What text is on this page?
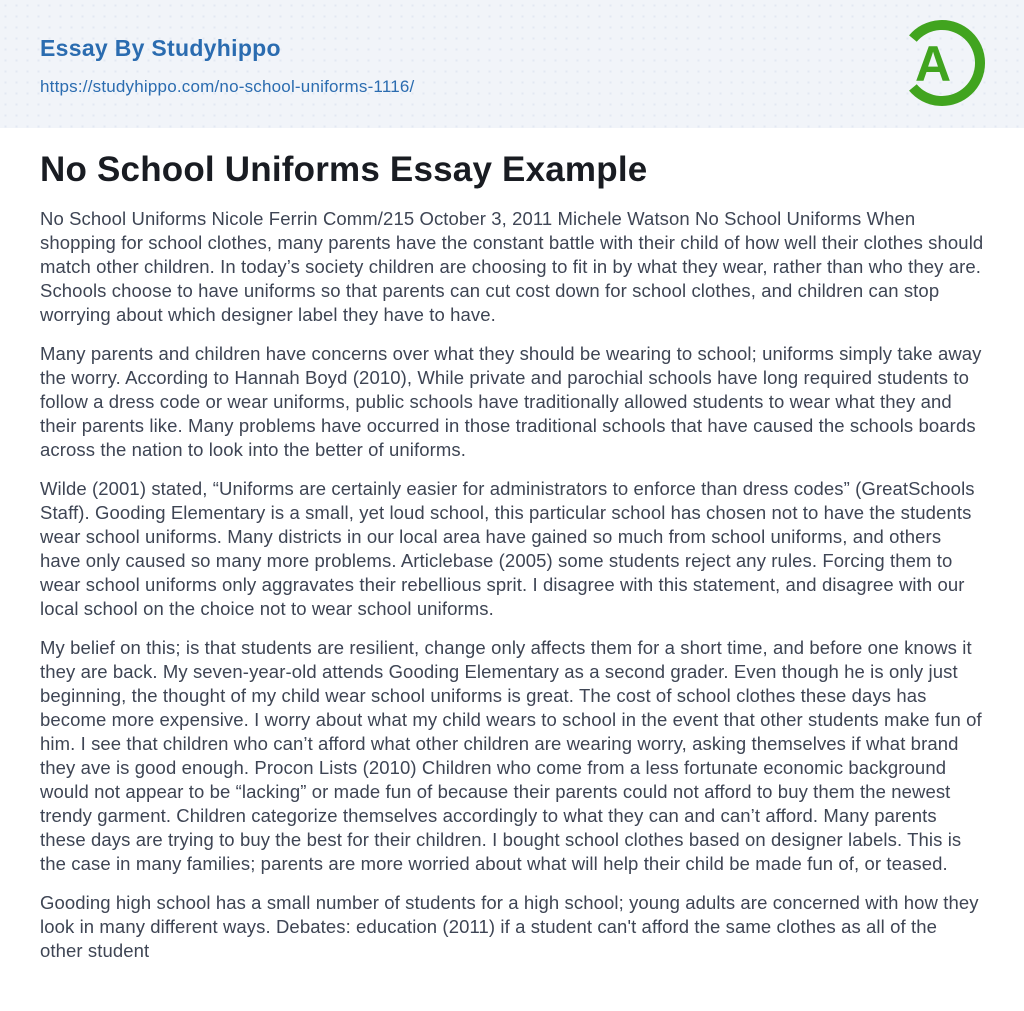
Essay By Studyhippo
https://studyhippo.com/no-school-uniforms-1116/	A
No School Uniforms Essay Example

No School Uniforms Nicole Ferrin Comm/215 October 3, 2011 Michele Watson No School Uniforms When shopping for school clothes, many parents have the constant battle with their child of how well their clothes should match other children. In today’s society children are choosing to fit in by what they wear, rather than who they are. Schools choose to have uniforms so that parents can cut cost down for school clothes, and children can stop worrying about which designer label they have to have.

Many parents and children have concerns over what they should be wearing to school; uniforms simply take away the worry. According to Hannah Boyd (2010), While private and parochial schools have long required students to follow a dress code or wear uniforms, public schools have traditionally allowed students to wear what they and their parents like. Many problems have occurred in those traditional schools that have caused the schools boards across the nation to look into the better of uniforms.

Wilde (2001) stated, “Uniforms are certainly easier for administrators to enforce than dress codes” (GreatSchools Staff). Gooding Elementary is a small, yet loud school, this particular school has chosen not to have the students wear school uniforms. Many districts in our local area have gained so much from school uniforms, and others have only caused so many more problems. Articlebase (2005) some students reject any rules. Forcing them to wear school uniforms only aggravates their rebellious sprit. I disagree with this statement, and disagree with our local school on the choice not to wear school uniforms.

My belief on this; is that students are resilient, change only affects them for a short time, and before one knows it they are back. My seven-year-old attends Gooding Elementary as a second grader. Even though he is only just beginning, the thought of my child wear school uniforms is great. The cost of school clothes these days has become more expensive. I worry about what my child wears to school in the event that other students make fun of him. I see that children who can’t afford what other children are wearing worry, asking themselves if what brand they ave is good enough. Procon Lists (2010) Children who come from a less fortunate economic background would not appear to be “lacking” or made fun of because their parents could not afford to buy them the newest trendy garment. Children categorize themselves accordingly to what they can and can’t afford. Many parents these days are trying to buy the best for their children. I bought school clothes based on designer labels. This is the case in many families; parents are more worried about what will help their child be made fun of, or teased.

Gooding high school has a small number of students for a high school; young adults are concerned with how they look in many different ways. Debates: education (2011) if a student can't afford the same clothes as all of the other student
